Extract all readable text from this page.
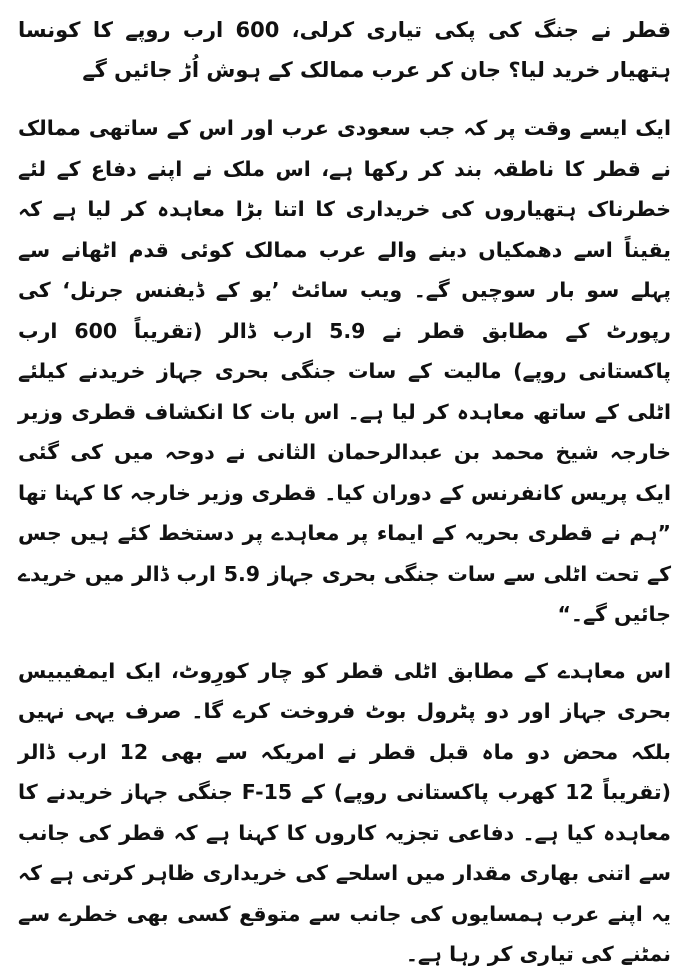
قطر نے جنگ کی پکی تیاری کرلی، 600 ارب روپے کا کونسا ہتھیار خرید لیا؟ جان کر عرب ممالک کے ہوش اُڑ جائیں گے

ایک ایسے وقت پر کہ جب سعودی عرب اور اس کے ساتھی ممالک نے قطر کا ناطقہ بند کر رکھا ہے، اس ملک نے اپنے دفاع کے لئے خطرناک ہتھیاروں کی خریداری کا اتنا بڑا معاہدہ کر لیا ہے کہ یقیناً اسے دھمکیاں دینے والے عرب ممالک کوئی قدم اٹھانے سے پہلے سو بار سوچیں گے۔ ویب سائٹ ’یو کے ڈیفنس جرنل‘ کی رپورٹ کے مطابق قطر نے 5.9 ارب ڈالر (تقریباً 600 ارب پاکستانی روپے) مالیت کے سات جنگی بحری جہاز خریدنے کیلئے اٹلی کے ساتھ معاہدہ کر لیا ہے۔ اس بات کا انکشاف قطری وزیر خارجہ شیخ محمد بن عبدالرحمان الثانی نے دوحہ میں کی گئی ایک پریس کانفرنس کے دوران کیا۔ قطری وزیر خارجہ کا کہنا تھا ”ہم نے قطری بحریہ کے ایماء پر معاہدے پر دستخط کئے ہیں جس کے تحت اٹلی سے سات جنگی بحری جہاز 5.9 ارب ڈالر میں خریدے جائیں گے۔“

اس معاہدے کے مطابق اٹلی قطر کو چار کورِوٹ، ایک ایمفیبیس بحری جہاز اور دو پٹرول بوٹ فروخت کرے گا۔ صرف یہی نہیں بلکہ محض دو ماہ قبل قطر نے امریکہ سے بھی 12 ارب ڈالر (تقریباً 12 کھرب پاکستانی روپے) کے F-15 جنگی جہاز خریدنے کا معاہدہ کیا ہے۔ دفاعی تجزیہ کاروں کا کہنا ہے کہ قطر کی جانب سے اتنی بھاری مقدار میں اسلحے کی خریداری ظاہر کرتی ہے کہ یہ اپنے عرب ہمسایوں کی جانب سے متوقع کسی بھی خطرے سے نمٹنے کی تیاری کر رہا ہے۔
